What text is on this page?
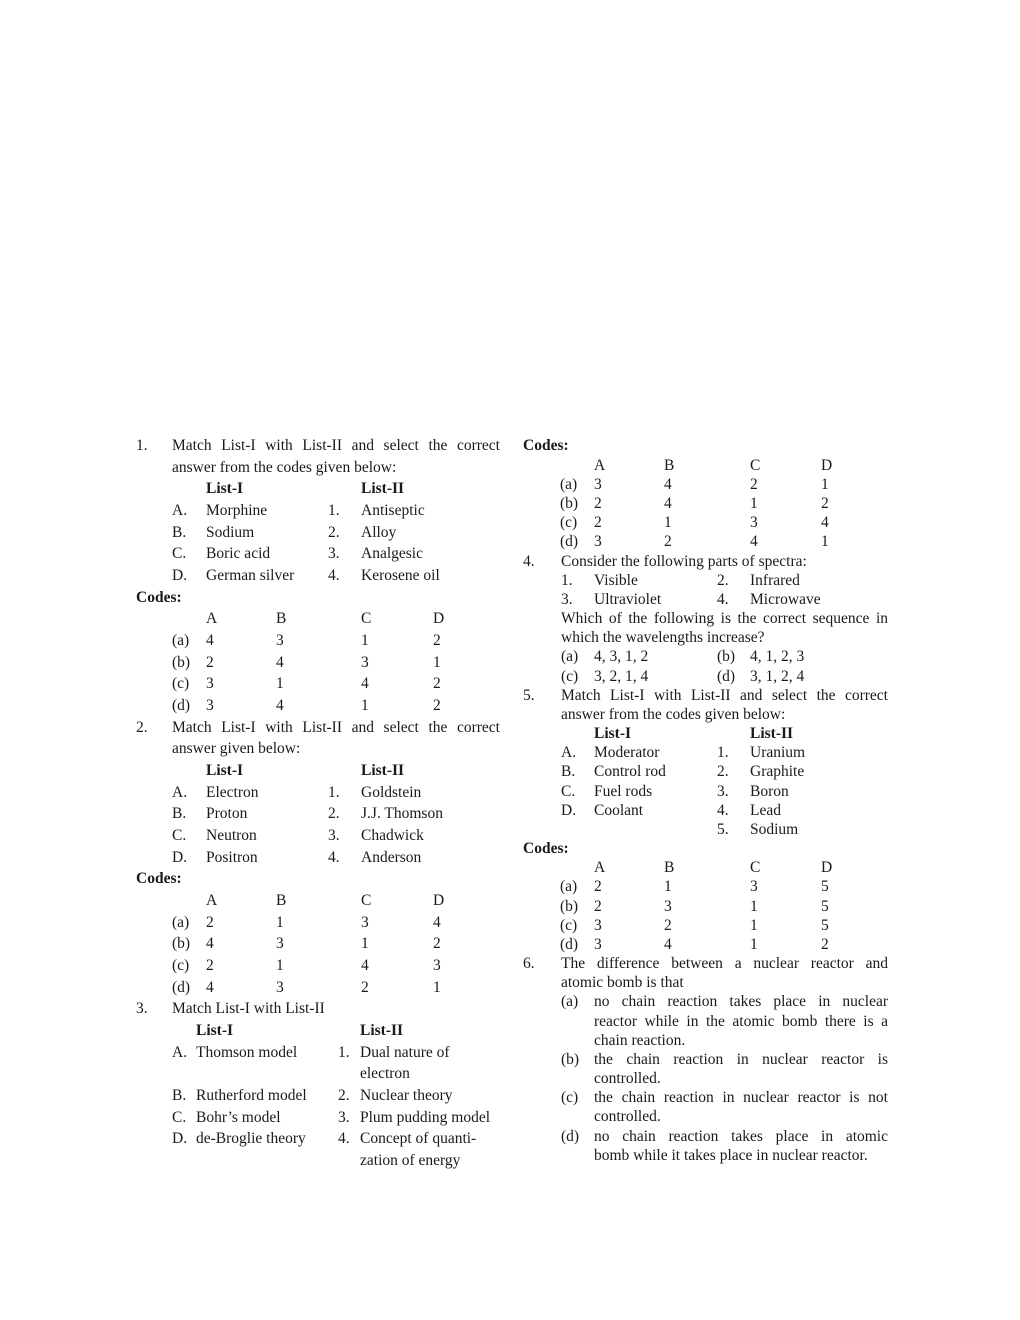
1. Match List-I with List-II and select the correct
answer from the codes given below:
List-I	List-II
A. Morphine	1. Antiseptic
B. Sodium	2. Alloy
C. Boric acid	3. Analgesic
D. German silver 4. Kerosene oil
Codes:
A	B	C	D
(a) 4	3	1	2
(b) 2	4	3	1
(c) 3	1	4	2
(d) 3	4	1	2
2. Match List-I with List-II and select the correct
answer given below:
List-I	List-II
A. Electron	1. Goldstein
B. Proton	2. J.J. Thomson
C. Neutron	3. Chadwick
D. Positron	4. Anderson
Codes:
A	B	C	D
(a) 2	1	3	4
(b) 4	3	1	2
(c) 2	1	4	3
(d) 4	3	2	1
3. Match List-I with List-II
List-I	List-II
A. Thomson model	1. Dual nature of
electron
B. Rutherford model 2. Nuclear theory
C. Bohr’s model	3. Plum pudding model
D. de-Broglie theory 4. Concept of quanti-
zation of energy
Codes:
A	B	C	D
(a) 3	4	2	1
(b) 2	4	1	2
(c) 2	1	3	4
(d) 3	2	4	1
4. Consider the following parts of spectra:
1. Visible	2. Infrared
3. Ultraviolet	4. Microwave
Which of the following is the correct sequence in
which the wavelengths increase?
(a) 4, 3, 1, 2	(b) 4, 1, 2, 3
(c) 3, 2, 1, 4	(d) 3, 1, 2, 4
5. Match List-I with List-II and select the correct
answer from the codes given below:
List-I	List-II
A. Moderator	1. Uranium
B. Control rod	2. Graphite
C. Fuel rods	3. Boron
D. Coolant	4. Lead
5. Sodium
Codes:
A	B	C	D
(a) 2	1	3	5
(b) 2	3	1	5
(c) 3	2	1	5
(d) 3	4	1	2
6. The difference between a nuclear reactor and
atomic bomb is that
(a) no chain reaction takes place in nuclear
reactor while in the atomic bomb there is a
chain reaction.
(b) the chain reaction in nuclear reactor is
controlled.
(c) the chain reaction in nuclear reactor is not
controlled.
(d) no chain reaction takes place in atomic
bomb while it takes place in nuclear reactor.
